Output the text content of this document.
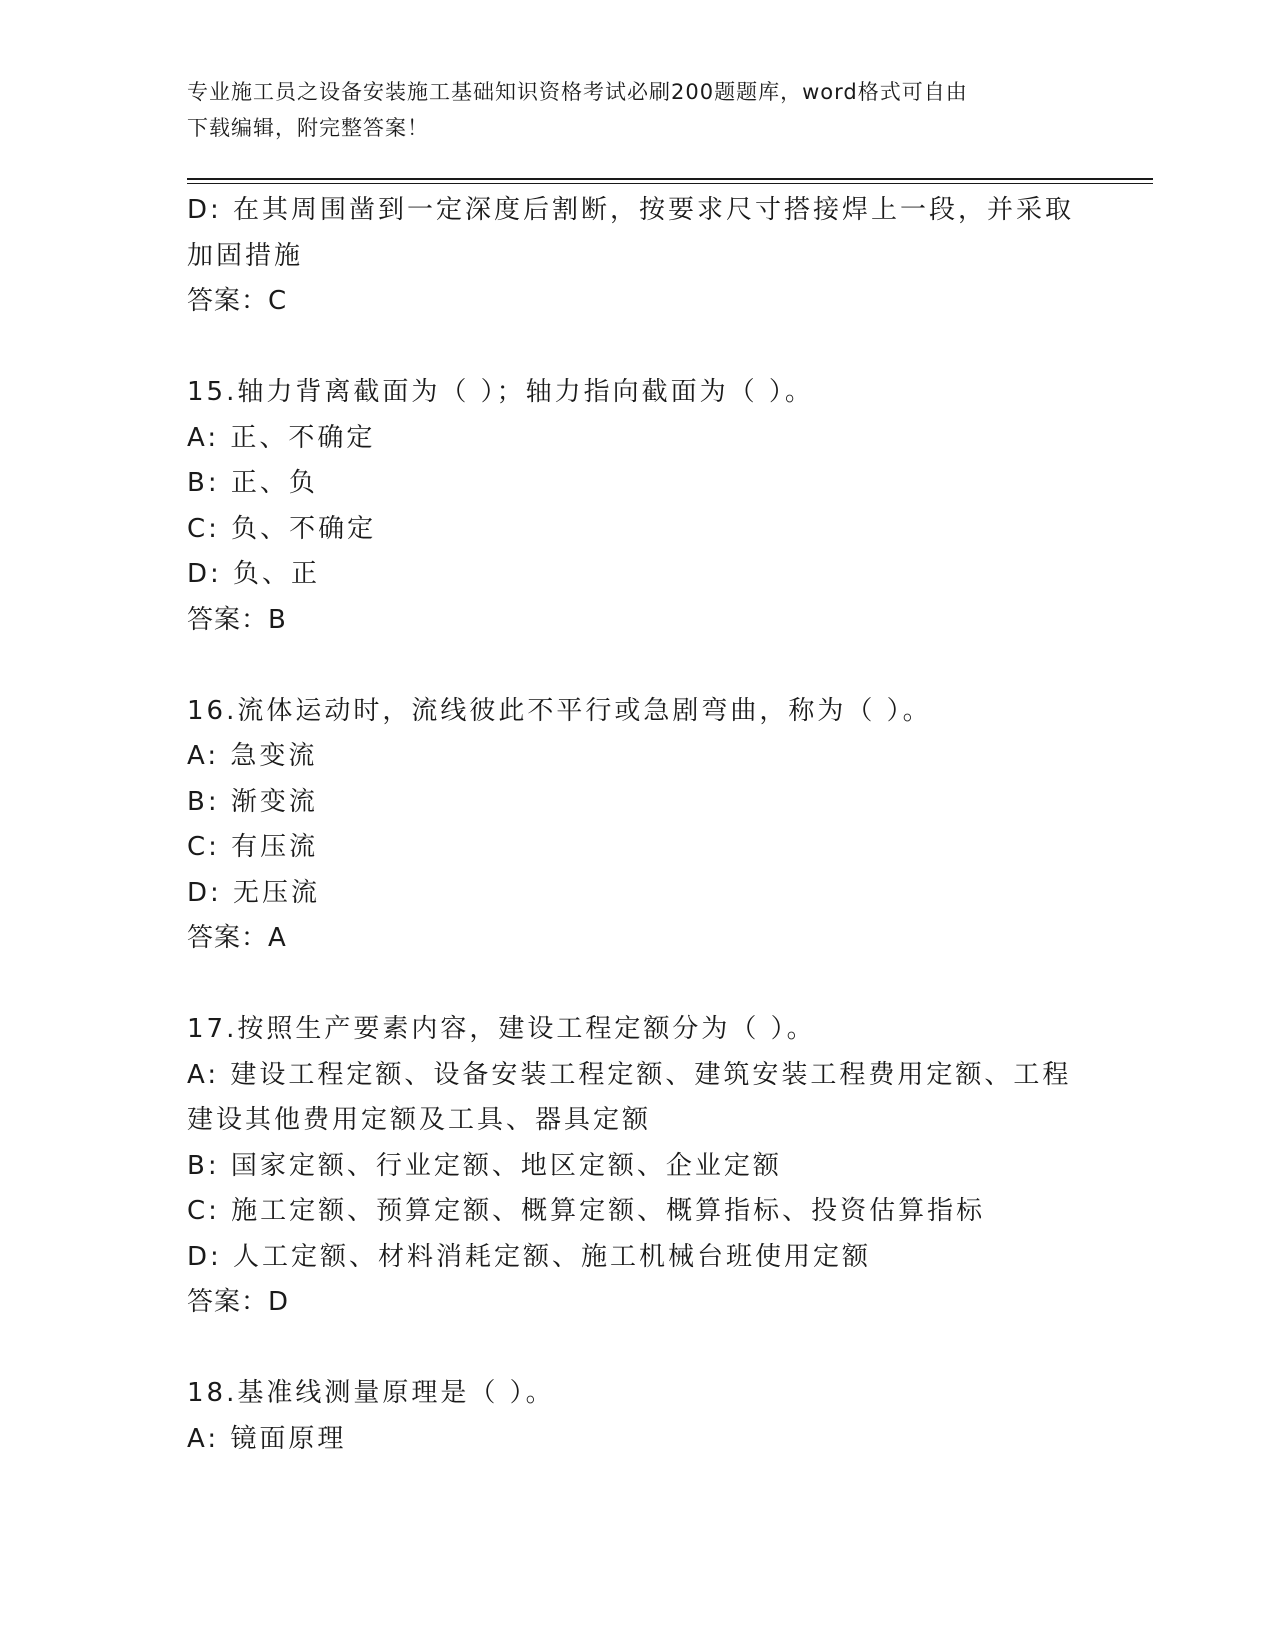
专业施工员之设备安装施工基础知识资格考试必刷200题题库，word格式可自由
下载编辑，附完整答案！
D: 在其周围凿到一定深度后割断，按要求尺寸搭接焊上一段，并采取
加固措施
答案：C
15.轴力背离截面为（ ）；轴力指向截面为（ ）。
A: 正、不确定
B: 正、负
C: 负、不确定
D: 负、正
答案：B
16.流体运动时，流线彼此不平行或急剧弯曲，称为（ ）。
A: 急变流
B: 渐变流
C: 有压流
D: 无压流
答案：A
17.按照生产要素内容，建设工程定额分为（ ）。
A: 建设工程定额、设备安装工程定额、建筑安装工程费用定额、工程
建设其他费用定额及工具、器具定额
B: 国家定额、行业定额、地区定额、企业定额
C: 施工定额、预算定额、概算定额、概算指标、投资估算指标
D: 人工定额、材料消耗定额、施工机械台班使用定额
答案：D
18.基准线测量原理是（ ）。
A: 镜面原理
